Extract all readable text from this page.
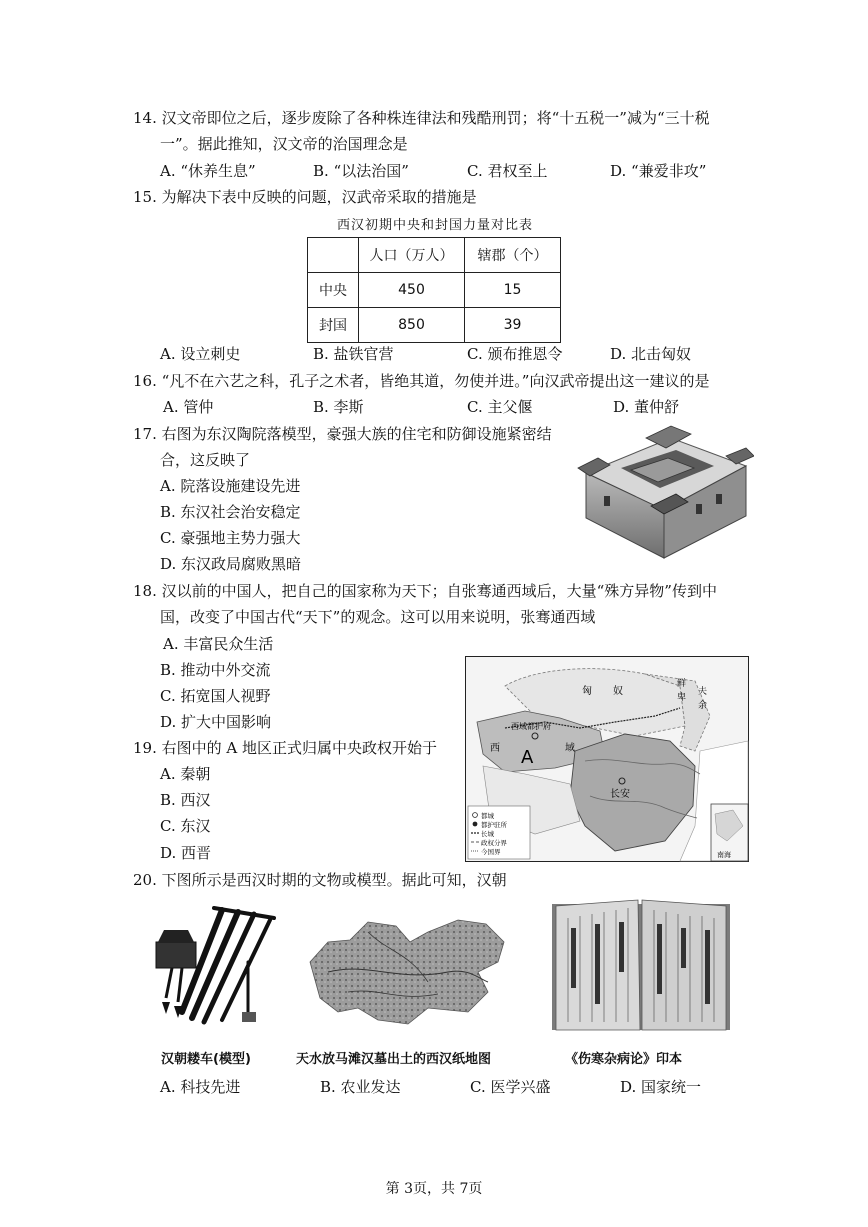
14. 汉文帝即位之后，逐步废除了各种株连律法和残酷刑罚；将“十五税一”减为“三十税
一”。据此推知，汉文帝的治国理念是
A. “休养生息”	B. “以法治国”	C. 君权至上	D. “兼爱非攻”
15. 为解决下表中反映的问题，汉武帝采取的措施是
西汉初期中央和封国力量对比表
	人口（万人）	辖郡（个）
中央	450	15
封国	850	39
A. 设立刺史	B. 盐铁官营	C. 颁布推恩令	D. 北击匈奴
16. “凡不在六艺之科，孔子之术者，皆绝其道，勿使并进。”向汉武帝提出这一建议的是
A. 管仲	B. 李斯	C. 主父偃	D. 董仲舒
17. 右图为东汉陶院落模型，豪强大族的住宅和防御设施紧密结
合，这反映了
A. 院落设施建设先进
B. 东汉社会治安稳定
C. 豪强地主势力强大
D. 东汉政局腐败黑暗
18. 汉以前的中国人，把自己的国家称为天下；自张骞通西域后，大量“殊方异物”传到中
国，改变了中国古代“天下”的观念。这可以用来说明，张骞通西域
A. 丰富民众生活
B. 推动中外交流
C. 拓宽国人视野
D. 扩大中国影响
19. 右图中的 A 地区正式归属中央政权开始于
A. 秦朝
B. 西汉
C. 东汉
D. 西晋
匈 奴
鲜
卑
夫
余
西	域
西域都护府
A
长安
南海
都城
都护驻所
长城
政权分界
今国界
20. 下图所示是西汉时期的文物或模型。据此可知，汉朝
汉朝耧车(模型)	天水放马滩汉墓出土的西汉纸地图	《伤寒杂病论》印本
A. 科技先进	B. 农业发达	C. 医学兴盛	D. 国家统一
第 3页，共 7页
